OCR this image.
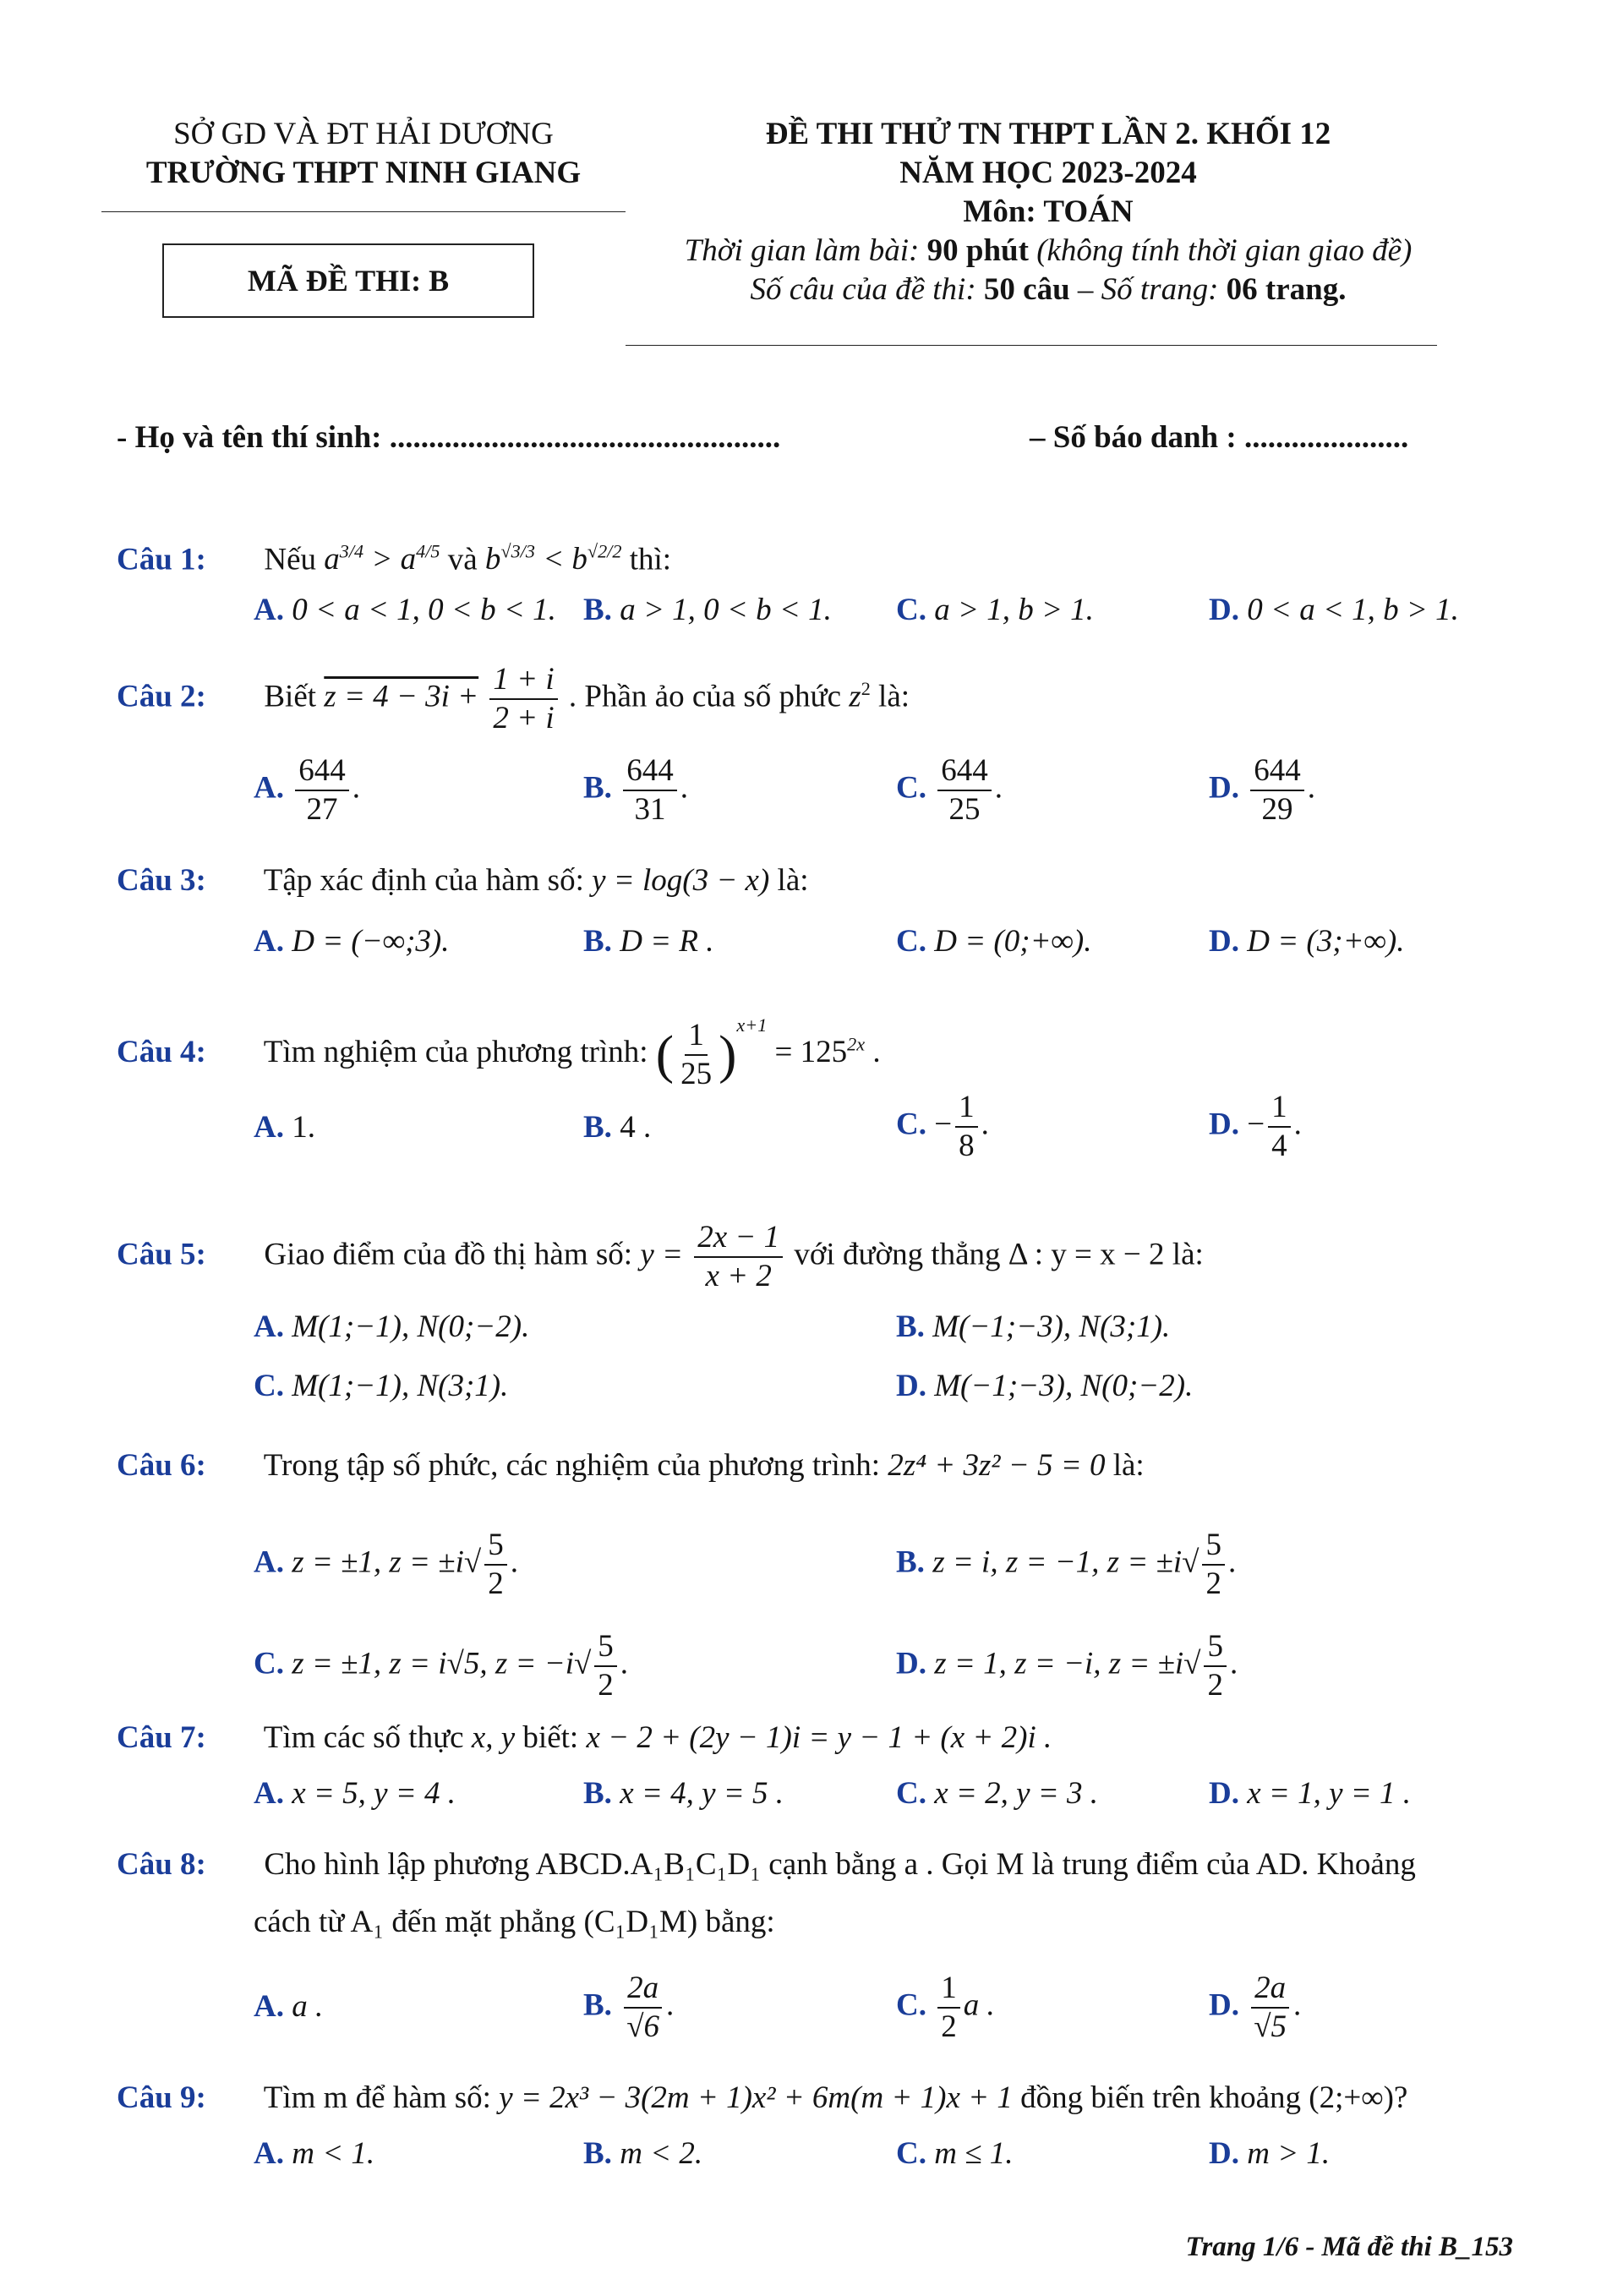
SỞ GD VÀ ĐT HẢI DƯƠNG
TRƯỜNG THPT NINH GIANG
MÃ ĐỀ THI: B
ĐỀ THI THỬ TN THPT LẦN 2. KHỐI 12
NĂM HỌC 2023-2024
Môn: TOÁN
Thời gian làm bài: 90 phút (không tính thời gian giao đề)
Số câu của đề thi: 50 câu – Số trang: 06 trang.
- Họ và tên thí sinh: ..................................................	– Số báo danh : .....................
Câu 1: Nếu $a^{3/4} > a^{4/5}$ và $b^{√3/3} < b^{√2/2}$ thì:
A. 0 < a < 1, 0 < b < 1. B. a > 1, 0 < b < 1. C. a > 1, b > 1.	D. 0 < a < 1, b > 1.
Câu 2: Biết $z = 4 - 3i + \frac{1 + i}{2 + i}$ . Phần ảo của số phức $z^2$ là:
A. $\frac{644}{27}$ .	B. $\frac{644}{31}$ .	C. $\frac{644}{25}$ .	D. $\frac{644}{29}$ .
Câu 3: Tập xác định của hàm số: y = log(3 − x) là:
A. D = (−∞;3).	B. D = R .	C. D = (0;+∞).	D. D = (3;+∞).
Câu 4: Tìm nghiệm của phương trình: ( $\frac{1}{25} )^{x+1} = 125^{2x}$ .
A. 1.	B. 4 .	C. − $\frac{1}{8}$ .	D. − $\frac{1}{4}$ .
Câu 5: Giao điểm của đồ thị hàm số: $y = \frac{2x - 1}{x + 2}$ với đường thẳng Δ : y = x − 2 là:
A. M(1;−1), N(0;−2).	B. M(−1;−3), N(3;1).
C. M(1;−1), N(3;1).	D. M(−1;−3), N(0;−2).
Câu 6: Trong tập số phức, các nghiệm của phương trình: 2z⁴ + 3z² − 5 = 0 là:
A. z = ±1, $z = \pm i√ \frac{5}{2}$ .	B. z = i, z = −1, $z = \pm i√ \frac{5}{2}$ .
C. z = ±1, z = i√5, $z = -i√ \frac{5}{2}$ .	D. z = 1, z = −i, $z = \pm i√ \frac{5}{2}$ .
Câu 7: Tìm các số thực x, y biết: x − 2 + (2y − 1)i = y − 1 + (x + 2)i .
A. x = 5, y = 4 .	B. x = 4, y = 5 .	C. x = 2, y = 3 .	D. x = 1, y = 1 .
Câu 8: Cho hình lập phương ABCD.A₁B₁C₁D₁ cạnh bằng a . Gọi M là trung điểm của AD. Khoảng
cách từ A₁ đến mặt phẳng (C₁D₁M) bằng:
A. a .	B. $\frac{2a}{√6}$ .	C. $\frac{1}{2}$ a .	D. $\frac{2a}{√5}$ .
Câu 9: Tìm m để hàm số: y = 2x³ − 3(2m + 1)x² + 6m(m + 1)x + 1 đồng biến trên khoảng (2;+∞)?
A. m < 1.	B. m < 2.	C. m ≤ 1.	D. m > 1.
Trang 1/6 - Mã đề thi B_153
